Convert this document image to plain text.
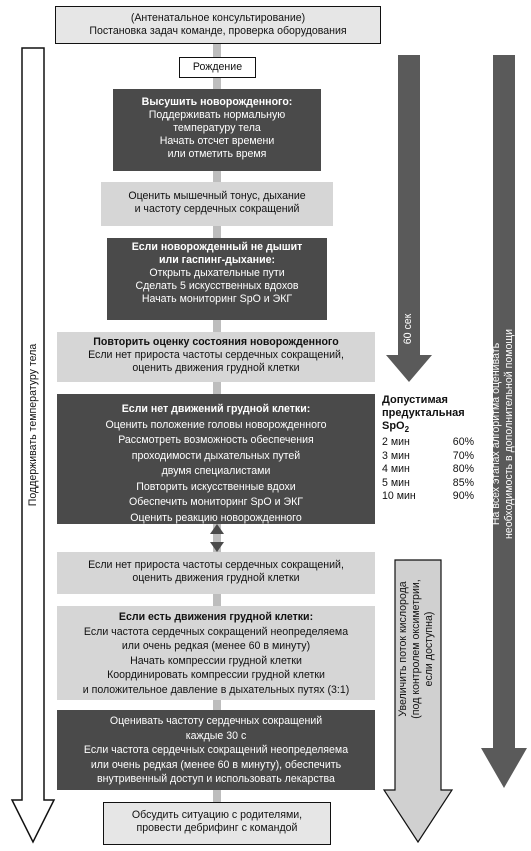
(Антенатальное консультирование)
Постановка задач команде, проверка оборудования
Рождение
Высушить новорожденного:
Поддерживать нормальную
температуру тела
Начать отсчет времени
или отметить время
Оценить мышечный тонус, дыхание
и частоту сердечных сокращений
Если новорожденный не дышит
или гаспинг-дыхание:
Открыть дыхательные пути
Сделать 5 искусственных вдохов
Начать мониторинг SpO и ЭКГ
Повторить оценку состояния новорожденного
Если нет прироста частоты сердечных сокращений,
оценить движения грудной клетки
Если нет движений грудной клетки:
Оценить положение головы новорожденного
Рассмотреть возможность обеспечения
проходимости дыхательных путей
двумя специалистами
Повторить искусственные вдохи
Обеспечить мониторинг SpO и ЭКГ
Оценить реакцию новорожденного
Допустимая
предуктальная
SpO$_2$
2 мин	60%
3 мин	70%
4 мин	80%
5 мин	85%
10 мин	90%
Если нет прироста частоты сердечных сокращений,
оценить движения грудной клетки
Если есть движения грудной клетки:
Если частота сердечных сокращений неопределяема
или очень редкая (менее 60 в минуту)
Начать компрессии грудной клетки
Координировать компрессии грудной клетки
и положительное давление в дыхательных путях (3:1)
Оценивать частоту сердечных сокращений
каждые 30 с
Если частота сердечных сокращений неопределяема
или очень редкая (менее 60 в минуту), обеспечить
внутривенный доступ и использовать лекарства
Обсудить ситуацию с родителями,
провести дебрифинг с командой
Поддерживать температуру тела
60 сек
Увеличить поток кислорода (под контролем оксиметрии, если доступна)
На всех этапах алгоритма оценивать необходимость в дополнительной помощи
